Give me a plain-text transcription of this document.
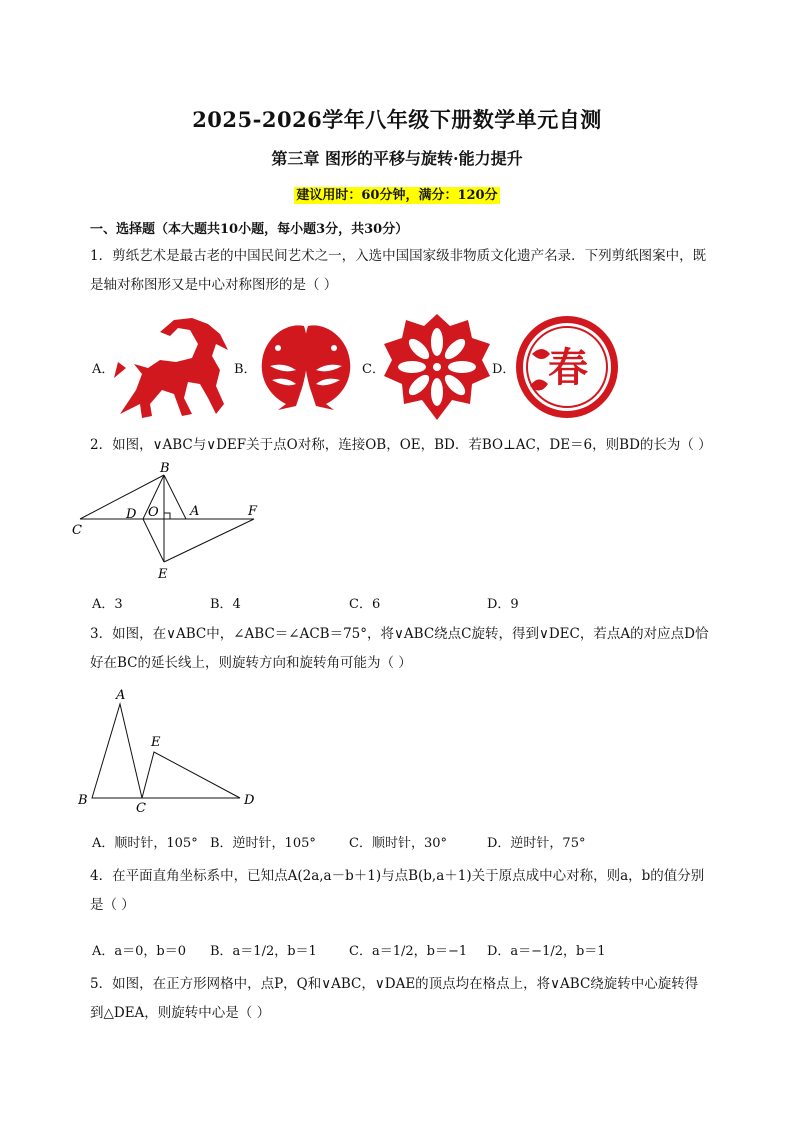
2025-2026学年八年级下册数学单元自测
第三章 图形的平移与旋转·能力提升
建议用时：60分钟，满分：120分
一、选择题（本大题共10小题，每小题3分，共30分）
1．剪纸艺术是最古老的中国民间艺术之一，入选中国国家级非物质文化遗产名录．下列剪纸图案中，既是轴对称图形又是中心对称图形的是（ ）
A．	B．	C．	D． 春
2．如图，∨ABC与∨DEF关于点O对称，连接OB，OE，BD．若BO⊥AC，DE＝6，则BD的长为（ ）
B
D O A	F
C
E
A．3	B．4	C．6	D．9
3．如图，在∨ABC中，∠ABC＝∠ACB＝75°，将∨ABC绕点C旋转，得到∨DEC，若点A的对应点D恰好在BC的延长线上，则旋转方向和旋转角可能为（ ）
A
E
B
C
D
A．顺时针，105° B．逆时针，105°	C．顺时针，30°	D．逆时针，75°
4．在平面直角坐标系中，已知点A(2a,a－b＋1)与点B(b,a＋1)关于原点成中心对称，则a，b的值分别是（ ）
A．a＝0，b＝0 B．a＝1/2，b＝1 C．a＝1/2，b＝−1 D．a＝−1/2，b＝1
5．如图，在正方形网格中，点P，Q和∨ABC，∨DAE的顶点均在格点上，将∨ABC绕旋转中心旋转得到△DEA，则旋转中心是（ ）
